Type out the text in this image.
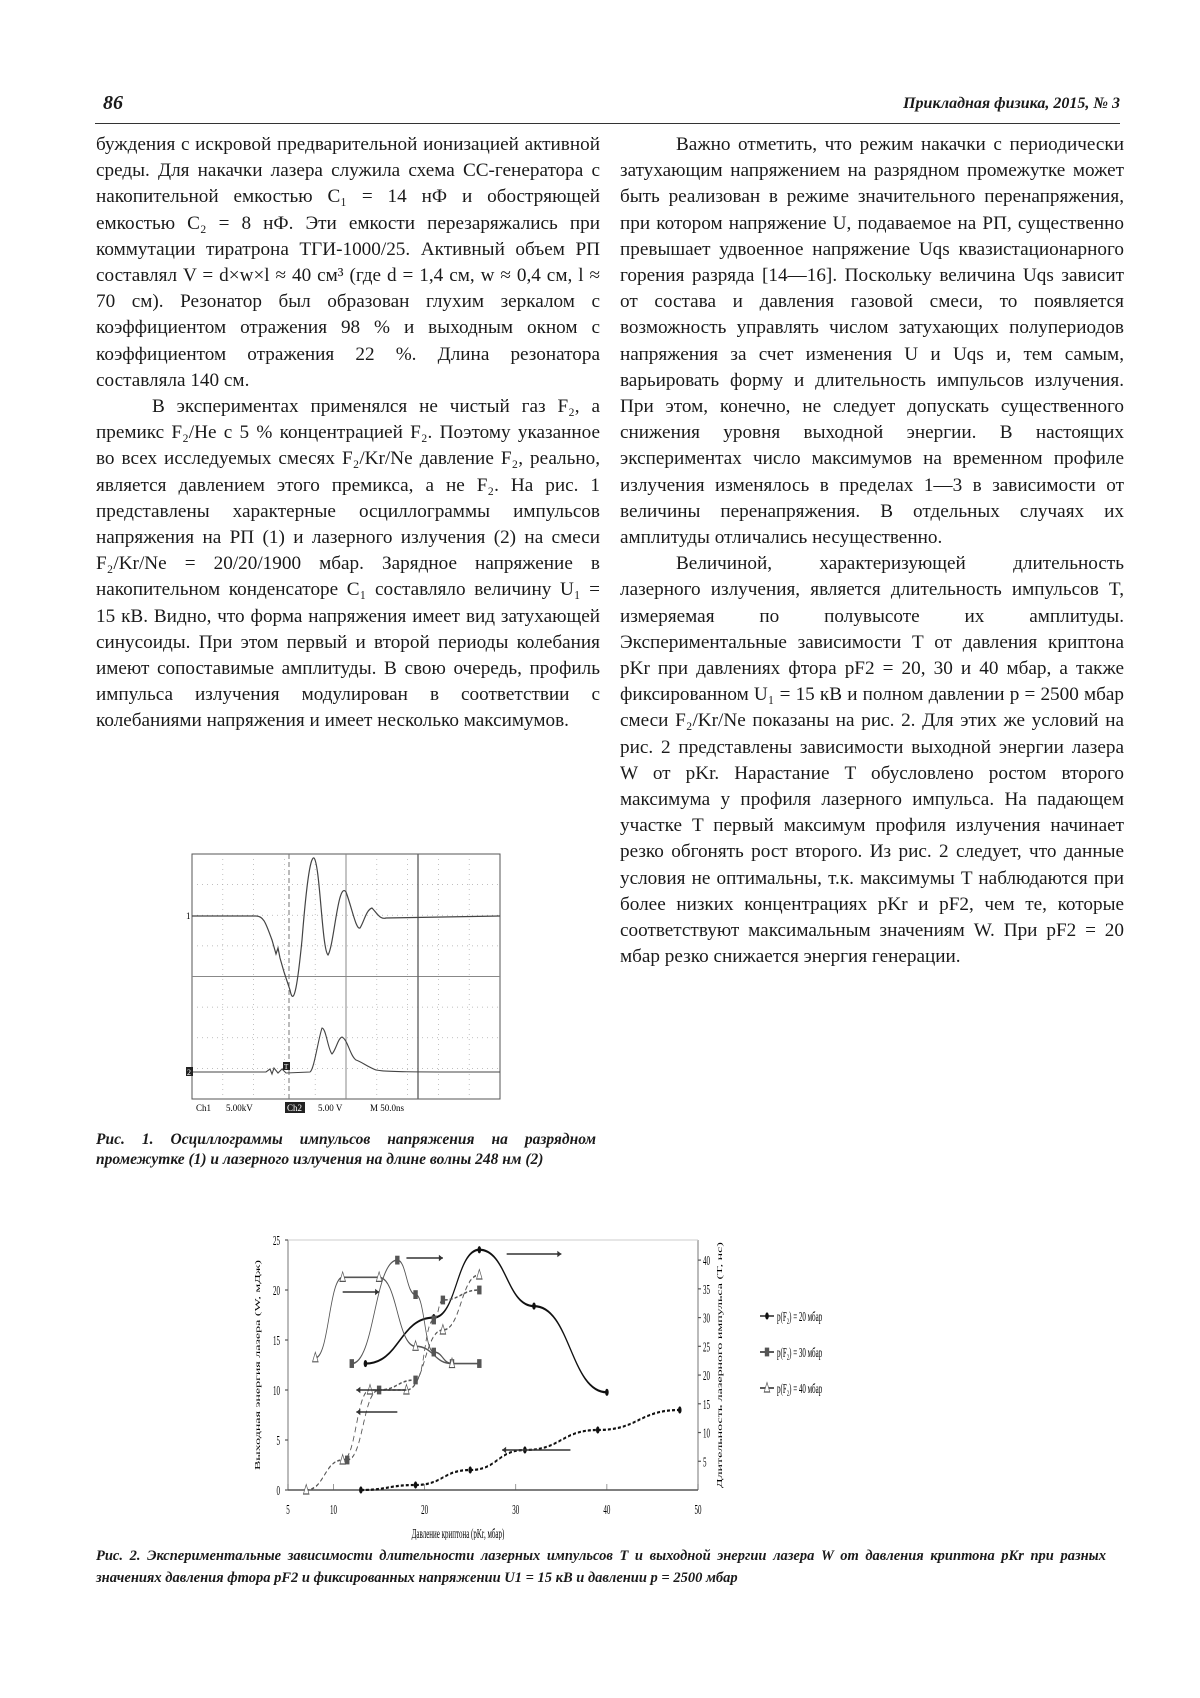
86	Прикладная физика, 2015, № 3

буждения с искровой предварительной ионизацией активной среды. Для накачки лазера служила схема CC-генератора с накопительной емкостью C₁ = 14 нФ и обостряющей емкостью C₂ = 8 нФ. Эти емкости перезаряжались при коммутации тиратрона ТГИ-1000/25. Активный объем РП составлял V = d×w×l ≈ 40 см³ (где d = 1,4 см, w ≈ 0,4 см, l ≈ 70 см). Резонатор был образован глухим зеркалом с коэффициентом отражения 98 % и выходным окном с коэффициентом отражения 22 %. Длина резонатора составляла 140 см.

В экспериментах применялся не чистый газ F₂, а премикс F₂/He с 5 % концентрацией F₂. Поэтому указанное во всех исследуемых смесях F₂/Kr/Ne давление F₂, реально, является давлением этого премикса, а не F₂. На рис. 1 представлены характерные осциллограммы импульсов напряжения на РП (1) и лазерного излучения (2) на смеси F₂/Kr/Ne = 20/20/1900 мбар. Зарядное напряжение в накопительном конденсаторе C₁ составляло величину U₁ = 15 кВ. Видно, что форма напряжения имеет вид затухающей синусоиды. При этом первый и второй периоды колебания имеют сопоставимые амплитуды. В свою очередь, профиль импульса излучения модулирован в соответствии с колебаниями напряжения и имеет несколько максимумов.

Важно отметить, что режим накачки с периодически затухающим напряжением на разрядном промежутке может быть реализован в режиме значительного перенапряжения, при котором напряжение U, подаваемое на РП, существенно превышает удвоенное напряжение Uqs квазистационарного горения разряда [14—16]. Поскольку величина Uqs зависит от состава и давления газовой смеси, то появляется возможность управлять числом затухающих полупериодов напряжения за счет изменения U и Uqs и, тем самым, варьировать форму и длительность импульсов излучения. При этом, конечно, не следует допускать существенного снижения уровня выходной энергии. В настоящих экспериментах число максимумов на временном профиле излучения изменялось в пределах 1—3 в зависимости от величины перенапряжения. В отдельных случаях их амплитуды отличались несущественно.

Величиной, характеризующей длительность лазерного излучения, является длительность импульсов T, измеряемая по полувысоте их амплитуды. Экспериментальные зависимости T от давления криптона pKr при давлениях фтора pF2 = 20, 30 и 40 мбар, а также фиксированном U₁ = 15 кВ и полном давлении p = 2500 мбар смеси F₂/Kr/Ne показаны на рис. 2. Для этих же условий на рис. 2 представлены зависимости выходной энергии лазера W от pKr. Нарастание T обусловлено ростом второго максимума у профиля лазерного импульса. На падающем участке T первый максимум профиля излучения начинает резко обгонять рост второго. Из рис. 2 следует, что данные условия не оптимальны, т.к. максимумы T наблюдаются при более низких концентрациях pKr и pF2, чем те, которые соответствуют максимальным значениям W. При pF2 = 20 мбар резко снижается энергия генерации.

1
2
T
Ch1 5.00kV	Ch2 5.00 V	M 50.0ns
Рис. 1. Осциллограммы импульсов напряжения на разрядном промежутке (1) и лазерного излучения на длине волны 248 нм (2)
0
5
10
15
20
25
5
10
15
20
25
30
35
40
5	10	20	30	40	50
Выходная энергия лазера (W, мДж)	Длительность лазерного импульса (T, нс)
Давление криптона (pKr, мбар)
p(F₂) = 20 мбар
p(F₂) = 30 мбар
p(F₂) = 40 мбар
Рис. 2. Экспериментальные зависимости длительности лазерных импульсов T и выходной энергии лазера W от давления криптона pKr при разных значениях давления фтора pF2 и фиксированных напряжении U1 = 15 кВ и давлении p = 2500 мбар
